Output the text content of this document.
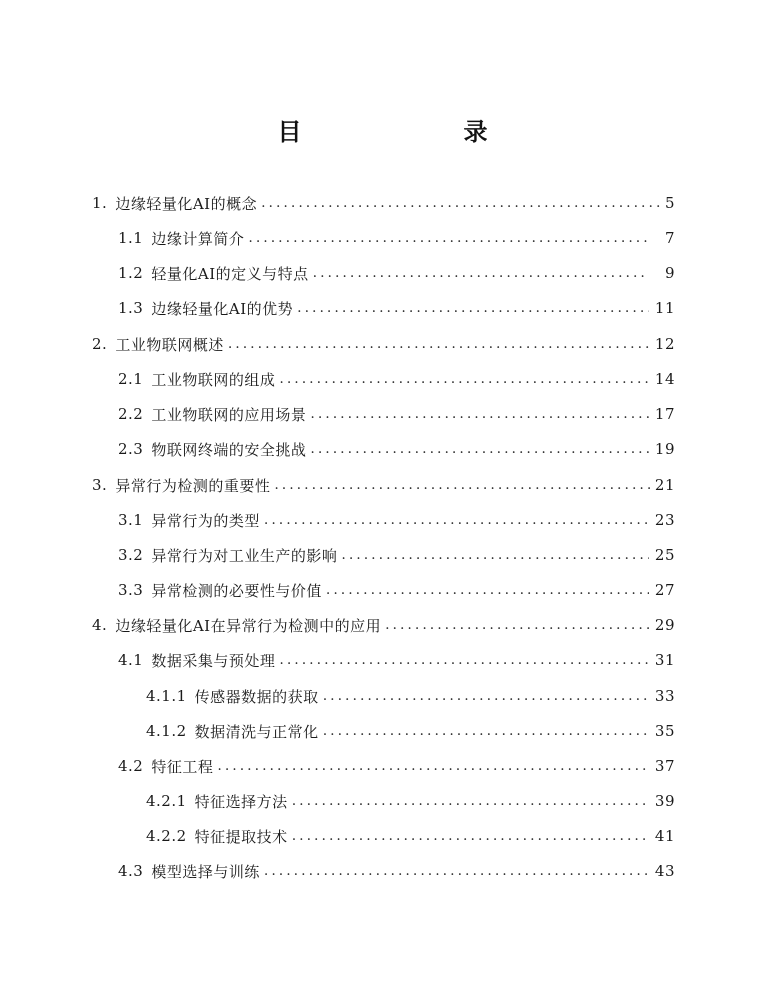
目　　录
1. 边缘轻量化AI的概念 .....	5
1.1 边缘计算简介 .....	7
1.2 轻量化AI的定义与特点 .....	9
1.3 边缘轻量化AI的优势 .....	11
2. 工业物联网概述 .....	12
2.1 工业物联网的组成 .....	14
2.2 工业物联网的应用场景 .....	17
2.3 物联网终端的安全挑战 .....	19
3. 异常行为检测的重要性 .....	21
3.1 异常行为的类型 .....	23
3.2 异常行为对工业生产的影响 .....	25
3.3 异常检测的必要性与价值 .....	27
4. 边缘轻量化AI在异常行为检测中的应用 .....	29
4.1 数据采集与预处理 .....	31
4.1.1 传感器数据的获取 .....	33
4.1.2 数据清洗与正常化 .....	35
4.2 特征工程 .....	37
4.2.1 特征选择方法 .....	39
4.2.2 特征提取技术 .....	41
4.3 模型选择与训练 .....	43
